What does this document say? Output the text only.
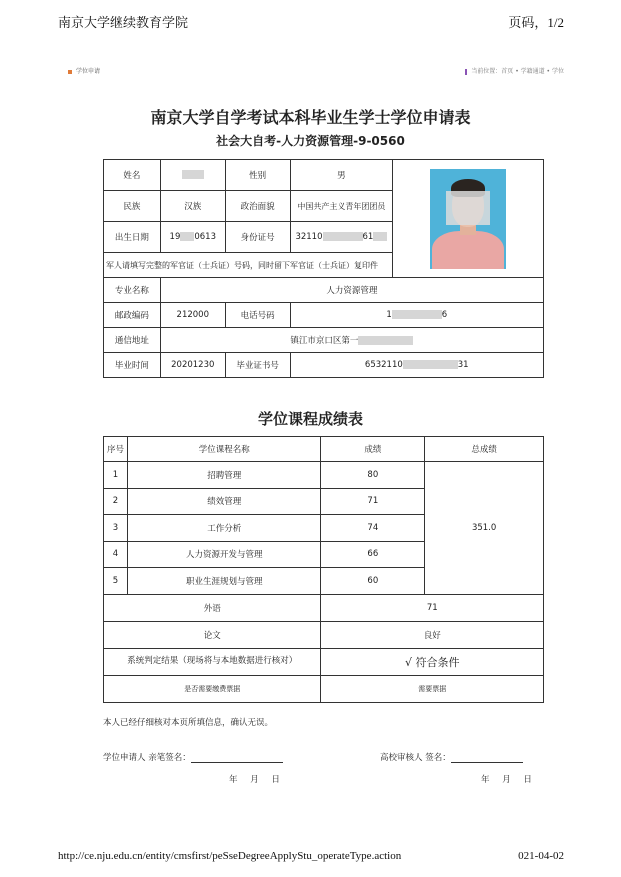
南京大学继续教育学院	页码，1/2
学位申请	当前位置：首页 • 学籍通道 • 学位
南京大学自学考试本科毕业生学士学位申请表
社会大自考-人力资源管理-9-0560
姓名		性别	男	

民族	汉族	政治面貌	中国共产主义青年团团员	
出生日期	19 0613	身份证号	32110 61	
军人请填写完整的军官证（士兵证）号码，同时留下军官证（士兵证）复印件				
专业名称	人力资源管理			
邮政编码	212000	电话号码	1 6	
通信地址	镇江市京口区第一			
毕业时间	20201230	毕业证书号	6532110 31	
学位课程成绩表
序号	学位课程名称	成绩	总成绩
1	招聘管理	80	351.0
2	绩效管理	71	
3	工作分析	74	
4	人力资源开发与管理	66	
5	职业生涯规划与管理	60	
外语		71	
论文		良好	
系统判定结果（现场将与本地数据进行核对）		√ 符合条件	
是否需要缴费票据		需要票据	
本人已经仔细核对本页所填信息，确认无误。
学位申请人 亲笔签名：	高校审核人 签名：
年 月 日	年 月 日
http://ce.nju.edu.cn/entity/cmsfirst/peSseDegreeApplyStu_operateType.action	021-04-02
